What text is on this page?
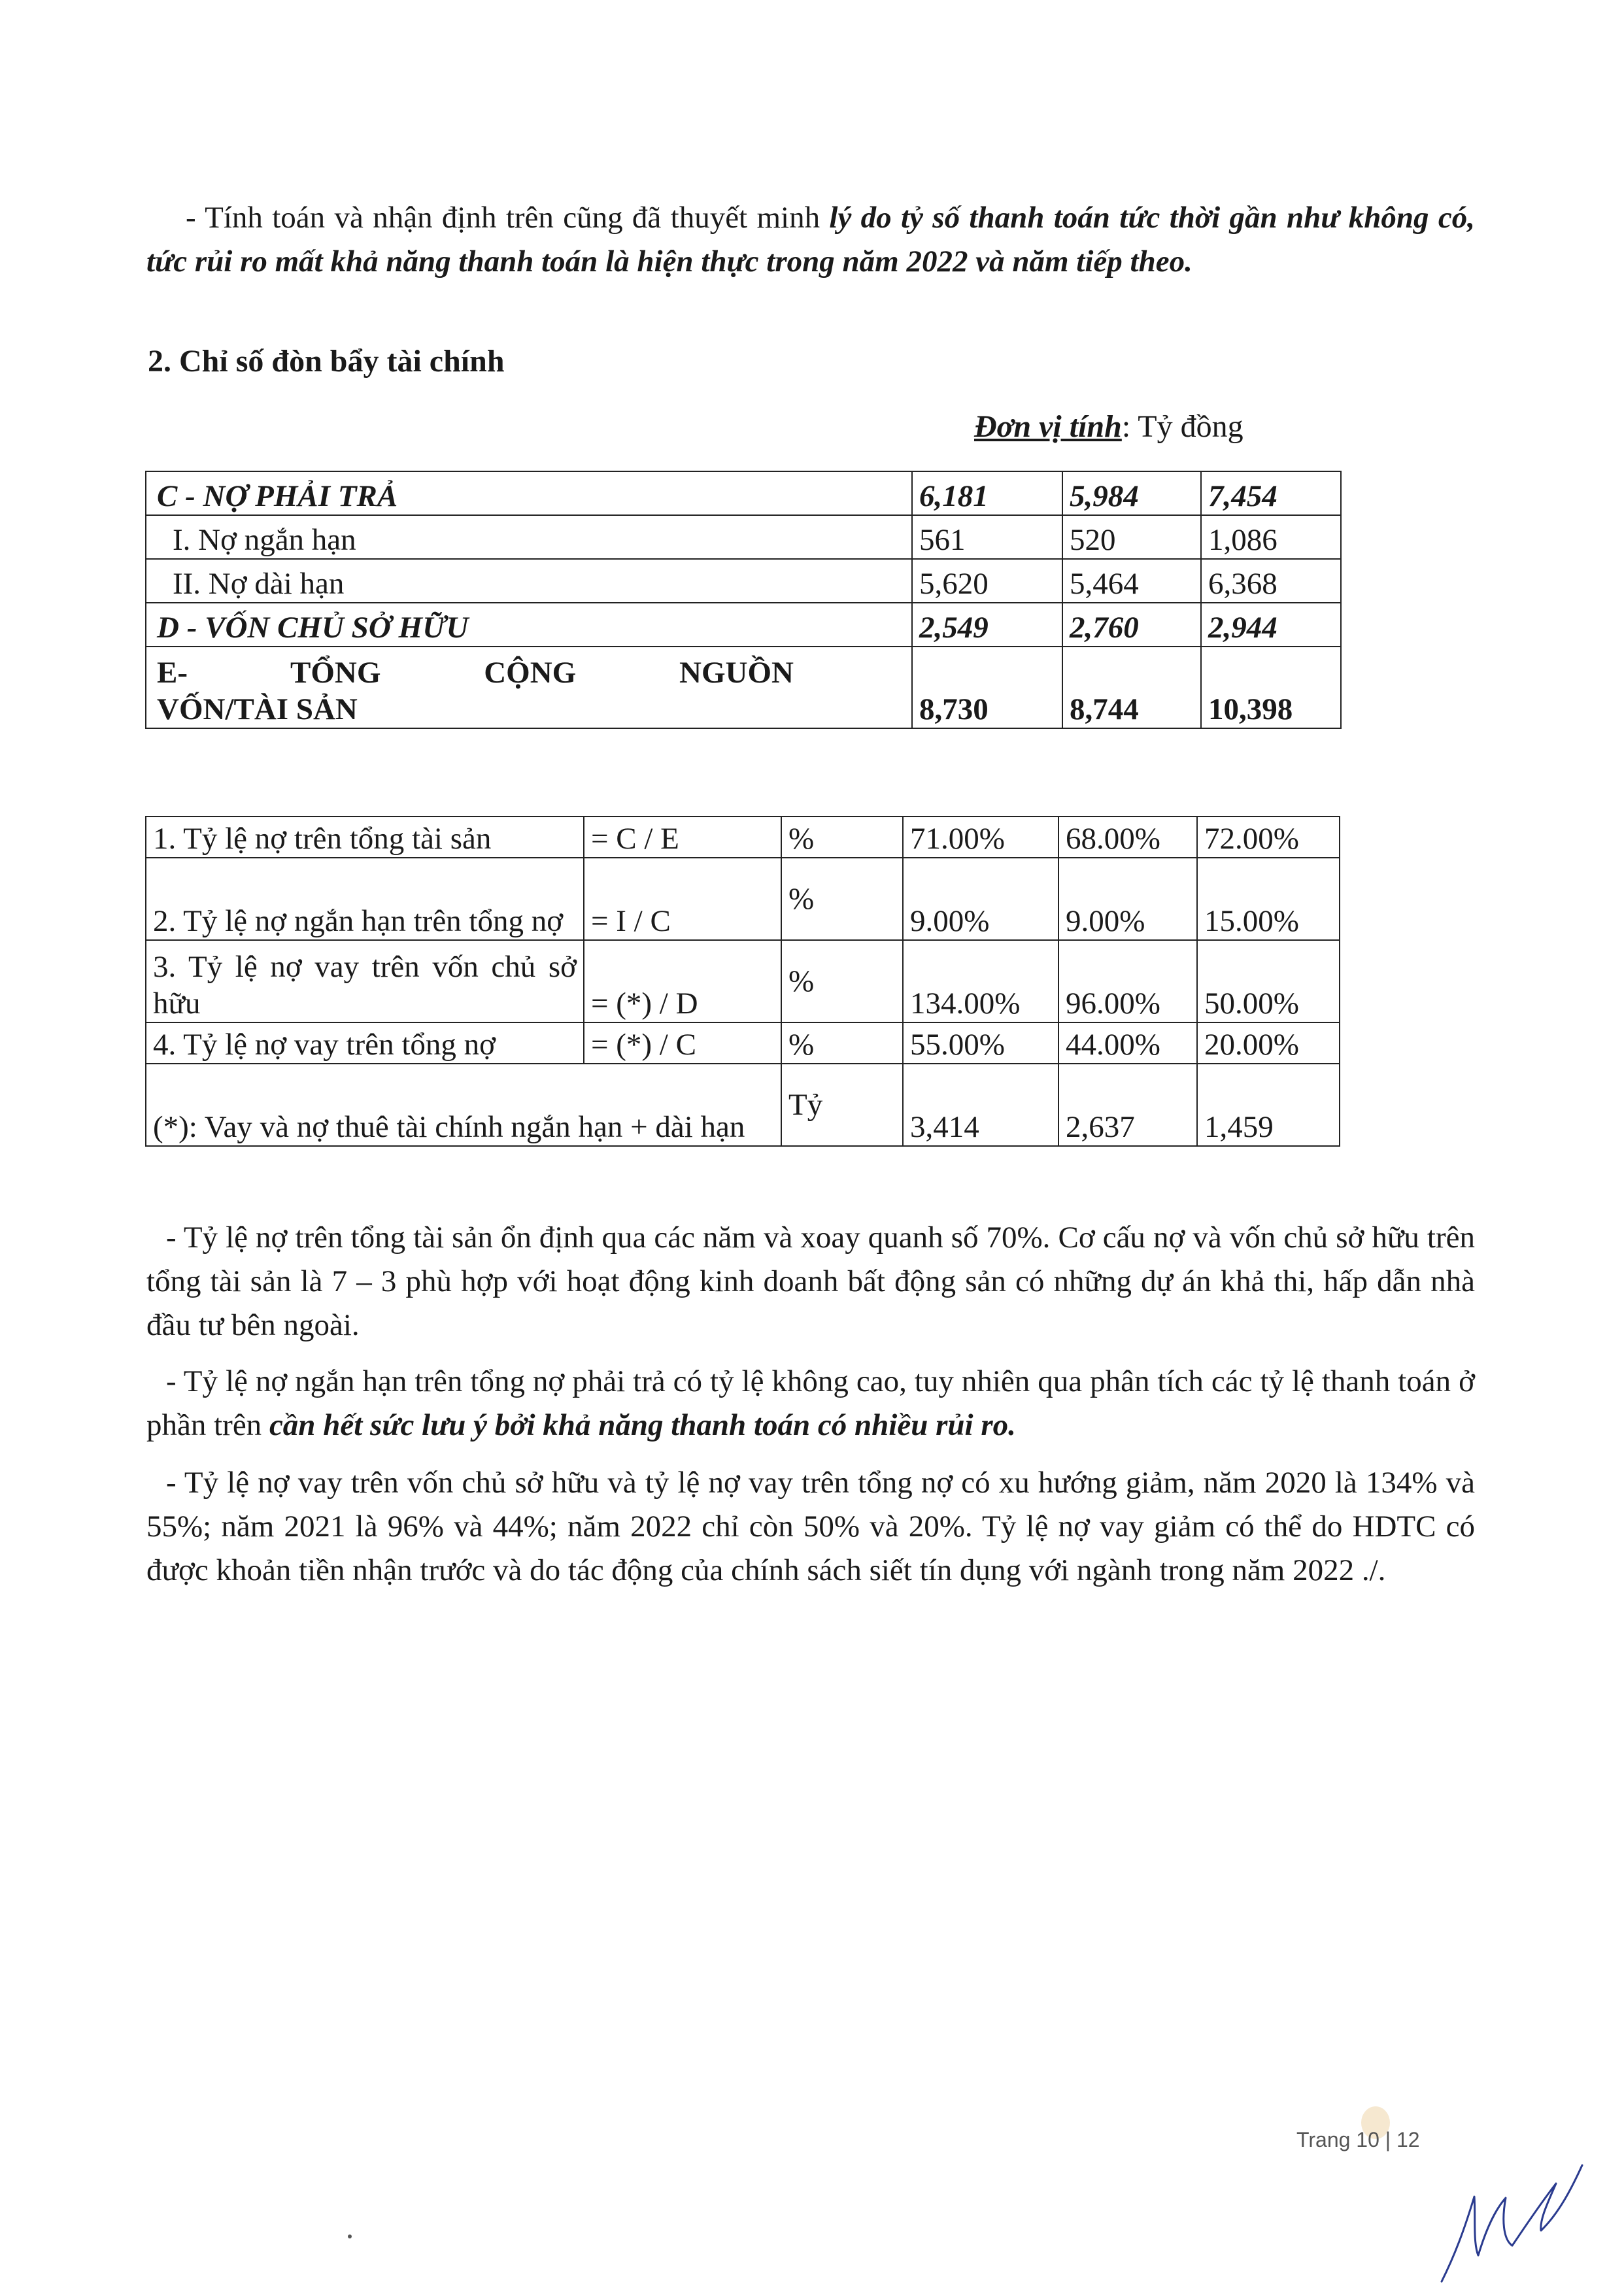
- Tính toán và nhận định trên cũng đã thuyết minh lý do tỷ số thanh toán tức thời gần như không có, tức rủi ro mất khả năng thanh toán là hiện thực trong năm 2022 và năm tiếp theo.

2. Chỉ số đòn bẩy tài chính

Đơn vị tính: Tỷ đồng

C - NỢ PHẢI TRẢ	6,181	5,984	7,454
I. Nợ ngắn hạn	561	520	1,086
II. Nợ dài hạn	5,620	5,464	6,368
D - VỐN CHỦ SỞ HỮU	2,549	2,760	2,944

E- TỔNG CỘNG NGUỒN
VỐN/TÀI SẢN	8,730	8,744	10,398
1. Tỷ lệ nợ trên tổng tài sản	= C / E	%	71.00%	68.00%	72.00%
2. Tỷ lệ nợ ngắn hạn trên tổng nợ	= I / C	%	9.00%	9.00%	15.00%
3. Tỷ lệ nợ vay trên vốn chủ sở hữu	= (*) / D	%	134.00%	96.00%	50.00%
4. Tỷ lệ nợ vay trên tổng nợ	= (*) / C	%	55.00%	44.00%	20.00%
(*): Vay và nợ thuê tài chính ngắn hạn + dài hạn		Tỷ	3,414	2,637	1,459

- Tỷ lệ nợ trên tổng tài sản ổn định qua các năm và xoay quanh số 70%. Cơ cấu nợ và vốn chủ sở hữu trên tổng tài sản là 7 – 3 phù hợp với hoạt động kinh doanh bất động sản có những dự án khả thi, hấp dẫn nhà đầu tư bên ngoài.

- Tỷ lệ nợ ngắn hạn trên tổng nợ phải trả có tỷ lệ không cao, tuy nhiên qua phân tích các tỷ lệ thanh toán ở phần trên cần hết sức lưu ý bởi khả năng thanh toán có nhiều rủi ro.

- Tỷ lệ nợ vay trên vốn chủ sở hữu và tỷ lệ nợ vay trên tổng nợ có xu hướng giảm, năm 2020 là 134% và 55%; năm 2021 là 96% và 44%; năm 2022 chỉ còn 50% và 20%. Tỷ lệ nợ vay giảm có thể do HDTC có được khoản tiền nhận trước và do tác động của chính sách siết tín dụng với ngành trong năm 2022 ./.

Trang 10 | 12
